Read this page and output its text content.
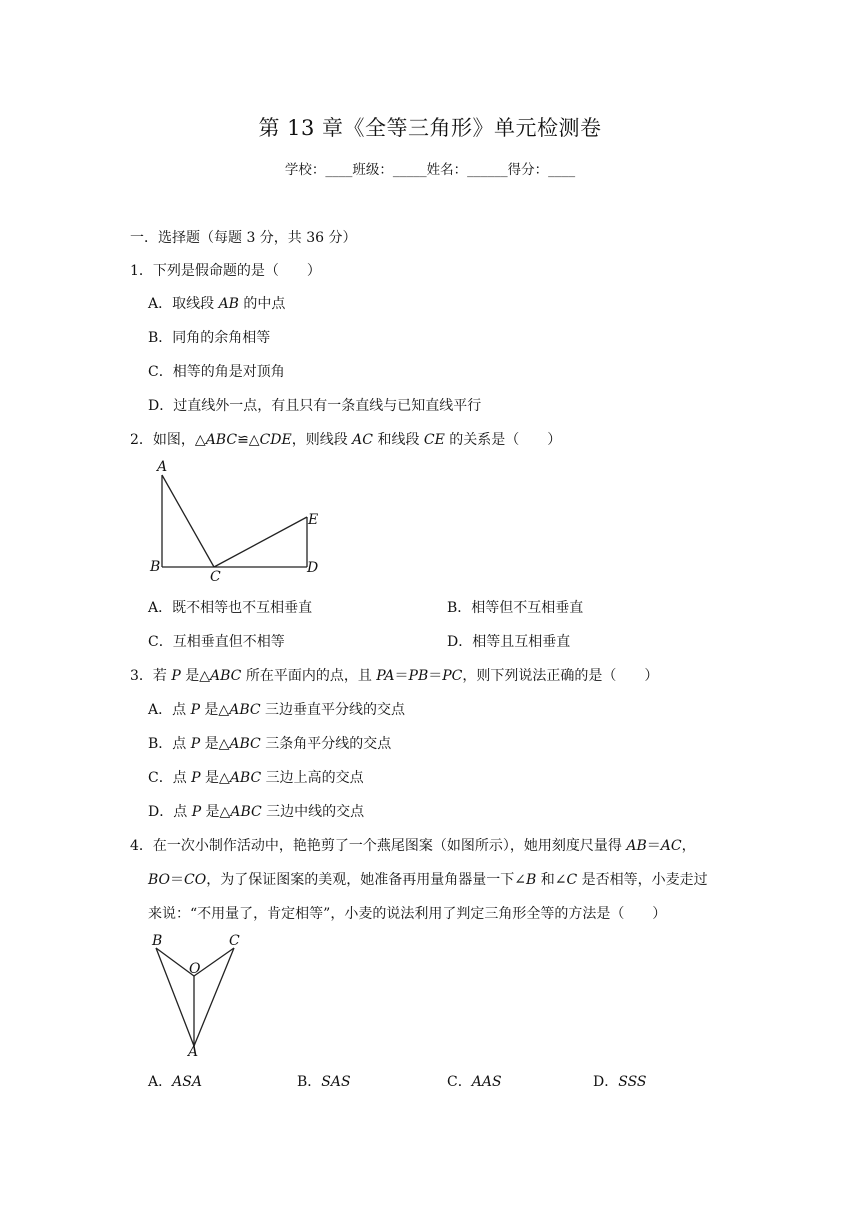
第 13 章《全等三角形》单元检测卷
学校：____班级：_____姓名：______得分：____
一．选择题（每题 3 分，共 36 分）
1．下列是假命题的是（　　）
A．取线段 AB 的中点
B．同角的余角相等
C．相等的角是对顶角
D．过直线外一点，有且只有一条直线与已知直线平行
2．如图，△ABC≌△CDE，则线段 AC 和线段 CE 的关系是（　　）
A
B
C
D
E
A．既不相等也不互相垂直	B．相等但不互相垂直
C．互相垂直但不相等	D．相等且互相垂直
3．若 P 是△ABC 所在平面内的点，且 PA＝PB＝PC，则下列说法正确的是（　　）
A．点 P 是△ABC 三边垂直平分线的交点
B．点 P 是△ABC 三条角平分线的交点
C．点 P 是△ABC 三边上高的交点
D．点 P 是△ABC 三边中线的交点
4．在一次小制作活动中，艳艳剪了一个燕尾图案（如图所示），她用刻度尺量得 AB＝AC，
BO＝CO，为了保证图案的美观，她准备再用量角器量一下∠B 和∠C 是否相等，小麦走过
来说：“不用量了，肯定相等”，小麦的说法利用了判定三角形全等的方法是（　　）
B	C
O
A
A．ASA	B．SAS	C．AAS	D．SSS
